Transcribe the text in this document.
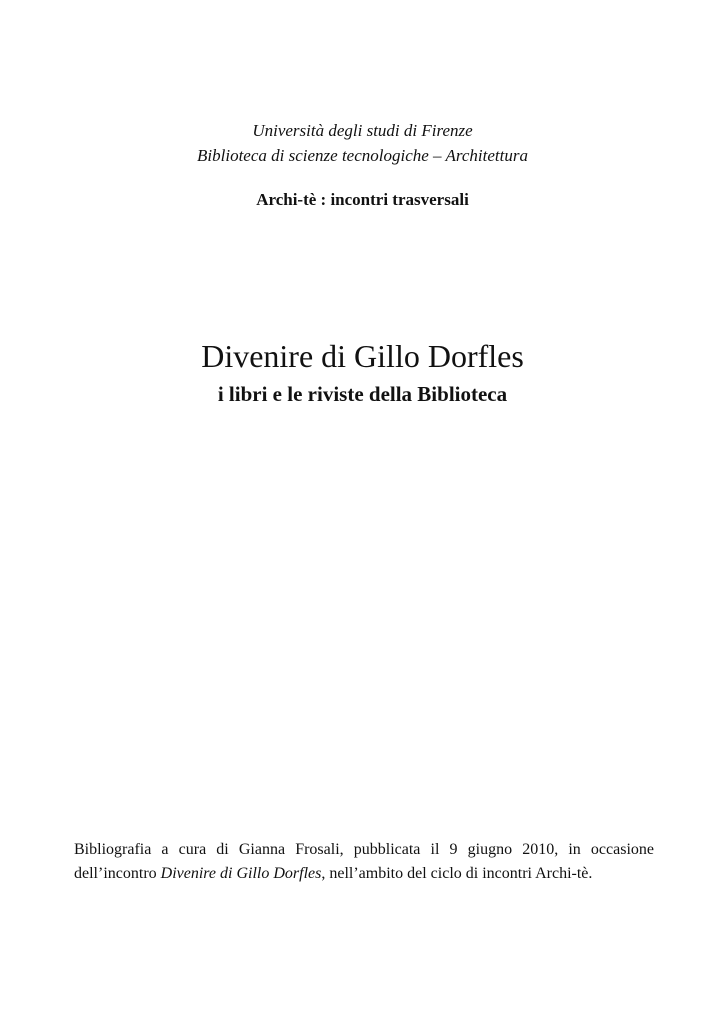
Università degli studi di Firenze
Biblioteca di scienze tecnologiche – Architettura
Archi-tè : incontri trasversali
Divenire di Gillo Dorfles
i libri e le riviste della Biblioteca
Bibliografia a cura di Gianna Frosali, pubblicata il 9 giugno 2010, in occasione dell’incontro Divenire di Gillo Dorfles, nell’ambito del ciclo di incontri Archi-tè.
